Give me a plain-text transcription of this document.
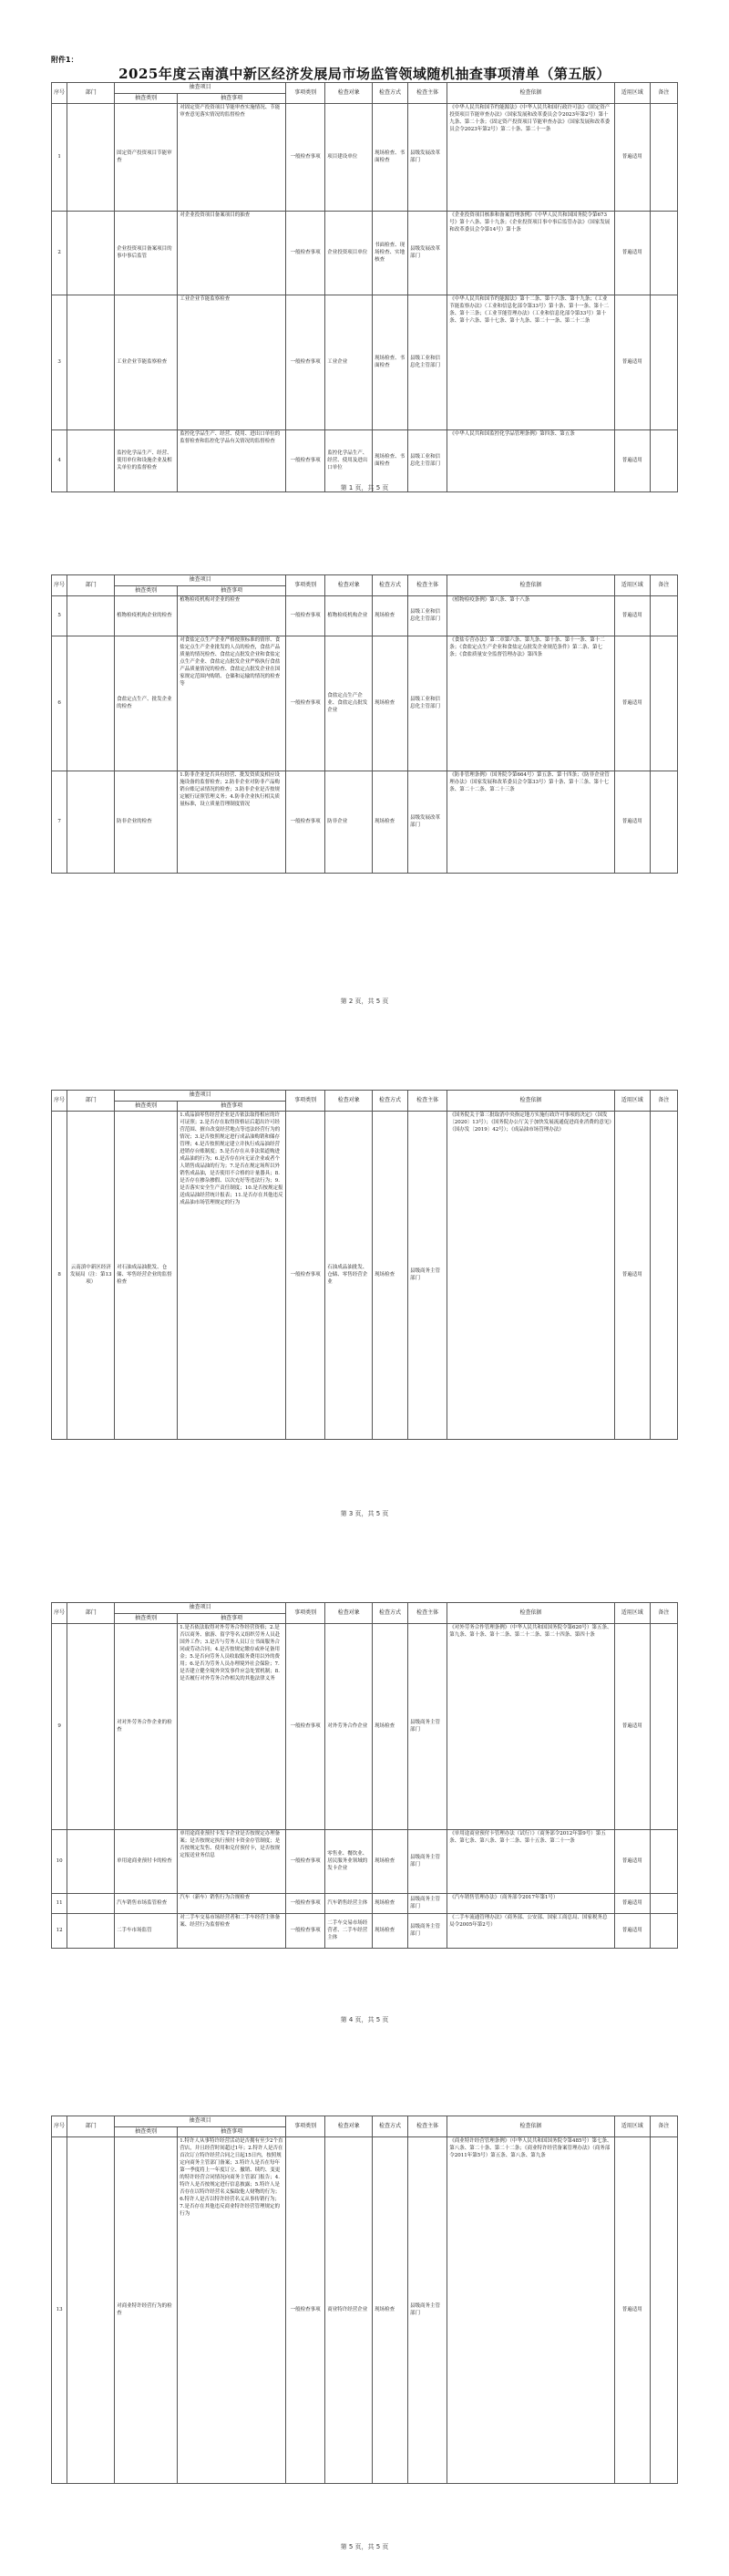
附件1：
2025年度云南滇中新区经济发展局市场监管领域随机抽查事项清单（第五版）
序号	部门	抽查项目		事项类别	检查对象	检查方式	检查主体	检查依据	适用区域	备注
		抽查类别	抽查事项							
1		固定资产投资项目节能审查	对固定资产投资项目节能审查实施情况、节能审查意见落实情况的监督检查	一般检查事项	项目建设单位	现场检查、书面检查	县级发展改革部门	《中华人民共和国节约能源法》《中华人民共和国行政许可法》《固定资产投资项目节能审查办法》（国家发展和改革委员会令2023年第2号）第十九条、第二十条；《固定资产投资项目节能审查办法》（国家发展和改革委员会令2023年第2号）第二十条、第二十一条	普遍适用	
2		企业投资项目备案项目的事中事后监管	对企业投资项目备案项目的抽查	一般检查事项	企业投资项目单位	书面检查、现场检查、实地核查	县级发展改革部门	《企业投资项目核准和备案管理条例》《中华人民共和国国务院令第673号》第十八条、第十九条；《企业投资项目事中事后监管办法》（国家发展和改革委员会令第14号）第十条	普遍适用	
3		工业企业节能监察检查	工业企业节能监察检查	一般检查事项	工业企业	现场检查、书面检查	县级工业和信息化主管部门	《中华人民共和国节约能源法》第十二条、第十六条、第十九条；《工业节能监察办法》（工业和信息化部令第33号）第十条、第十一条、第十二条、第十三条；《工业节能管理办法》（工业和信息化部令第33号）第十条、第十六条、第十七条、第十九条、第二十一条、第二十二条	普遍适用	
4		监控化学品生产、经营、使用单位和设施企业及相关单位的监督检查	监控化学品生产、经营、使用、进出口单位的监督检查和监控化学品有关情况的监督检查	一般检查事项	监控化学品生产、经营、使用及进出口单位	现场检查、书面检查	县级工业和信息化主管部门	《中华人民共和国监控化学品管理条例》第四条、第五条	普遍适用	
第 1 页，共 5 页
序号	部门	抽查项目		事项类别	检查对象	检查方式	检查主体	检查依据	适用区域	备注
		抽查类别	抽查事项							
5		植物检疫机构企业的检查	植物检疫机构对企业的检查	一般检查事项	植物检疫机构企业	现场检查	县级工业和信息化主管部门	《植物检疫条例》第八条、第十八条	普遍适用	
6		食盐定点生产、批发企业的检查	对食盐定点生产企业严格按照标准的情形、食盐定点生产企业批发的人员的检查，食盐产品质量的情况检查、食盐定点批发企业和食盐定点生产企业、食盐定点批发企业严格执行食盐产品质量情况的检查、食盐定点批发企业在国家规定范围内购销、仓储和运输的情况的检查等	一般检查事项	食盐定点生产企业、食盐定点批发企业	现场检查	县级工业和信息化主管部门	《食盐专营办法》第二章第六条、第九条、第十条、第十一条、第十二条；《食盐定点生产企业和食盐定点批发企业规范条件》第二条、第七条；《食盐质量安全监督管理办法》第四条	普遍适用	
7		防非企业的检查	1.防非企业是否具有经营、批发资质及相应设施设备的监督检查；2.防非企业对防非产品购销台账记录情况的检查；3.防非企业是否按规定履行证照管理义务；4.防非企业执行相关质量标准，设立质量管理制度情况	一般检查事项	防非企业	现场检查	县级发展改革部门	《防非管理条例》（国务院令第664号）第五条、第十四条；《防非企业管理办法》（国家发展和改革委员会令第33号）第十条、第十三条、第十七条、第二十二条、第二十三条	普遍适用	
第 2 页，共 5 页
序号	部门	抽查项目		事项类别	检查对象	检查方式	检查主体	检查依据	适用区域	备注
		抽查类别	抽查事项							
8	云南滇中新区经济发展局（注：第13项）	对石油成品油批发、仓储、零售经营企业的监督检查	1.成品油零售经营企业是否依法取得相应的许可证照；2.是否存在取得资格证后超出许可经营范围、擅自改变经营地点等违法经营行为的情况；3.是否按照规定进行成品油购销和储存管理；4.是否按照规定建立并执行成品油经营进销存台账制度；5.是否存在从非法渠道购进成品油的行为；6.是否存在向无证企业或者个人销售成品油的行为；7.是否在规定场所以外销售成品油，是否使用不合格的计量器具；8.是否存在掺杂掺假、以次充好等违法行为；9.是否落实安全生产责任制度；10.是否按规定报送成品油经营统计报表；11.是否存在其他违反成品油市场管理规定的行为	一般检查事项	石油成品油批发、仓储、零售经营企业	现场检查	县级商务主管部门	《国务院关于第三批取消中央指定地方实施行政许可事项的决定》（国发〔2020〕13号）；《国务院办公厅关于加快发展流通促进商业消费的意见》（国办发〔2019〕42号）；《成品油市场管理办法》	普遍适用	
第 3 页，共 5 页
序号	部门	抽查项目		事项类别	检查对象	检查方式	检查主体	检查依据	适用区域	备注
		抽查类别	抽查事项							
9		对对外劳务合作企业的检查	1.是否依法取得对外劳务合作经营资格；2.是否以商务、旅游、留学等名义组织劳务人员赴国外工作；3.是否与劳务人员订立书面服务合同或劳动合同；4.是否按规定缴存或补足备用金；5.是否向劳务人员收取服务费用以外的费用；6.是否为劳务人员办理境外社会保险；7.是否建立健全境外突发事件应急处置机制；8.是否履行对外劳务合作相关的其他法律义务	一般检查事项	对外劳务合作企业	现场检查	县级商务主管部门	《对外劳务合作管理条例》（中华人民共和国国务院令第620号）第五条、第九条、第十条、第十二条、第二十二条、第二十四条、第四十条	普遍适用	
10		单用途商业预付卡的检查	单用途商业预付卡发卡企业是否按规定办理备案；是否按规定执行预付卡资金存管制度；是否按规定发售、使用和兑付预付卡，是否按规定报送业务信息	一般检查事项	零售业、餐饮业、居民服务业领域的发卡企业	现场检查	县级商务主管部门	《单用途商业预付卡管理办法（试行）》（商务部令2012年第9号）第五条、第七条、第八条、第十二条、第十五条、第二十一条	普遍适用	
11		汽车销售市场监管检查	汽车（新车）销售行为合规检查	一般检查事项	汽车销售经营主体	现场检查	县级商务主管部门	《汽车销售管理办法》（商务部令2017年第1号）	普遍适用	
12		二手车市场监管	对二手车交易市场经营者和二手车经营主体备案、经营行为监督检查	一般检查事项	二手车交易市场经营者、二手车经营主体	现场检查	县级商务主管部门	《二手车流通管理办法》（商务部、公安部、国家工商总局、国家税务总局令2005年第2号）	普遍适用	
第 4 页，共 5 页
序号	部门	抽查项目		事项类别	检查对象	检查方式	检查主体	检查依据	适用区域	备注
		抽查类别	抽查事项							
13		对商业特许经营行为的检查	1.特许人从事特许经营活动是否拥有至少2个直营店，并且经营时间超过1年；2.特许人是否在首次订立特许经营合同之日起15日内，按照规定向商务主管部门备案；3.特许人是否在每年第一季度将上一年度订立、撤销、续约、变更的特许经营合同情况向商务主管部门报告；4.特许人是否按规定进行信息披露；5.特许人是否存在以特许经营名义骗取他人财物的行为；6.特许人是否以特许经营名义从事传销行为；7.是否存在其他违反商业特许经营管理规定的行为	一般检查事项	商业特许经营企业	现场检查	县级商务主管部门	《商业特许经营管理条例》（中华人民共和国国务院令第485号）第七条、第八条、第二十条、第二十二条；《商业特许经营备案管理办法》（商务部令2011年第5号）第五条、第八条、第九条	普遍适用	
第 5 页，共 5 页
